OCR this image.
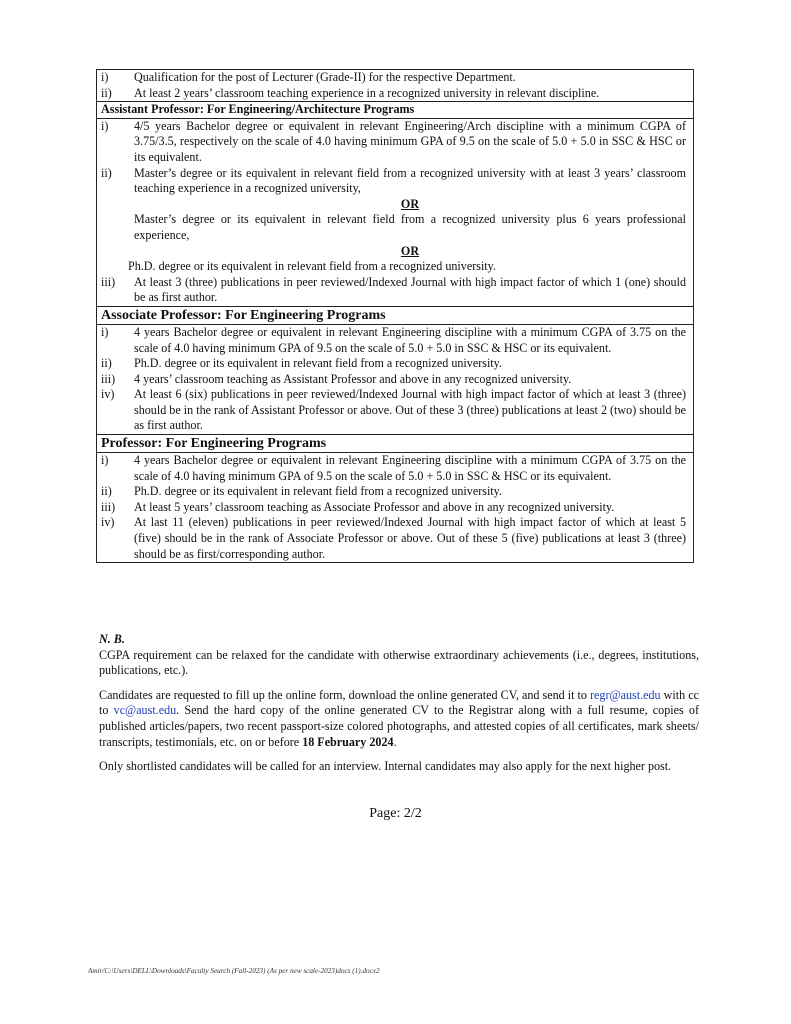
i)	Qualification for the post of Lecturer (Grade-II) for the respective Department.
ii)	At least 2 years’ classroom teaching experience in a recognized university in relevant discipline.
Assistant Professor: For Engineering/Architecture Programs	
i)	4/5 years Bachelor degree or equivalent in relevant Engineering/Arch discipline with a minimum CGPA of 3.75/3.5, respectively on the scale of 4.0 having minimum GPA of 9.5 on the scale of 5.0 + 5.0 in SSC & HSC or its equivalent.
ii)	Master’s degree or its equivalent in relevant field from a recognized university with at least 3 years’ classroom teaching experience in a recognized university,
OR
Master’s degree or its equivalent in relevant field from a recognized university plus 6 years professional experience,
OR

Ph.D. degree or its equivalent in relevant field from a recognized university.	
iii)	At least 3 (three) publications in peer reviewed/Indexed Journal with high impact factor of which 1 (one) should be as first author.
Associate Professor: For Engineering Programs	
i)	4 years Bachelor degree or equivalent in relevant Engineering discipline with a minimum CGPA of 3.75 on the scale of 4.0 having minimum GPA of 9.5 on the scale of 5.0 + 5.0 in SSC & HSC or its equivalent.
ii)	Ph.D. degree or its equivalent in relevant field from a recognized university.
iii)	4 years’ classroom teaching as Assistant Professor and above in any recognized university.
iv)	At least 6 (six) publications in peer reviewed/Indexed Journal with high impact factor of which at least 3 (three) should be in the rank of Assistant Professor or above. Out of these 3 (three) publications at least 2 (two) should be as first author.
Professor: For Engineering Programs	
i)	4 years Bachelor degree or equivalent in relevant Engineering discipline with a minimum CGPA of 3.75 on the scale of 4.0 having minimum GPA of 9.5 on the scale of 5.0 + 5.0 in SSC & HSC or its equivalent.
ii)	Ph.D. degree or its equivalent in relevant field from a recognized university.
iii)	At least 5 years’ classroom teaching as Associate Professor and above in any recognized university.
iv)	At last 11 (eleven) publications in peer reviewed/Indexed Journal with high impact factor of which at least 5 (five) should be in the rank of Associate Professor or above. Out of these 5 (five) publications at least 3 (three) should be as first/corresponding author.

N. B.

CGPA requirement can be relaxed for the candidate with otherwise extraordinary achievements (i.e., degrees, institutions, publications, etc.).

Candidates are requested to fill up the online form, download the online generated CV, and send it to regr@aust.edu with cc to vc@aust.edu. Send the hard copy of the online generated CV to the Registrar along with a full resume, copies of published articles/papers, two recent passport-size colored photographs, and attested copies of all certificates, mark sheets/ transcripts, testimonials, etc. on or before 18 February 2024.

Only shortlisted candidates will be called for an interview. Internal candidates may also apply for the next higher post.

Page: 2/2
Amir/C:\Users\DELL\Downloads\Faculty Search (Fall-2023) (As per new scale-2023)docs (1).docx2
